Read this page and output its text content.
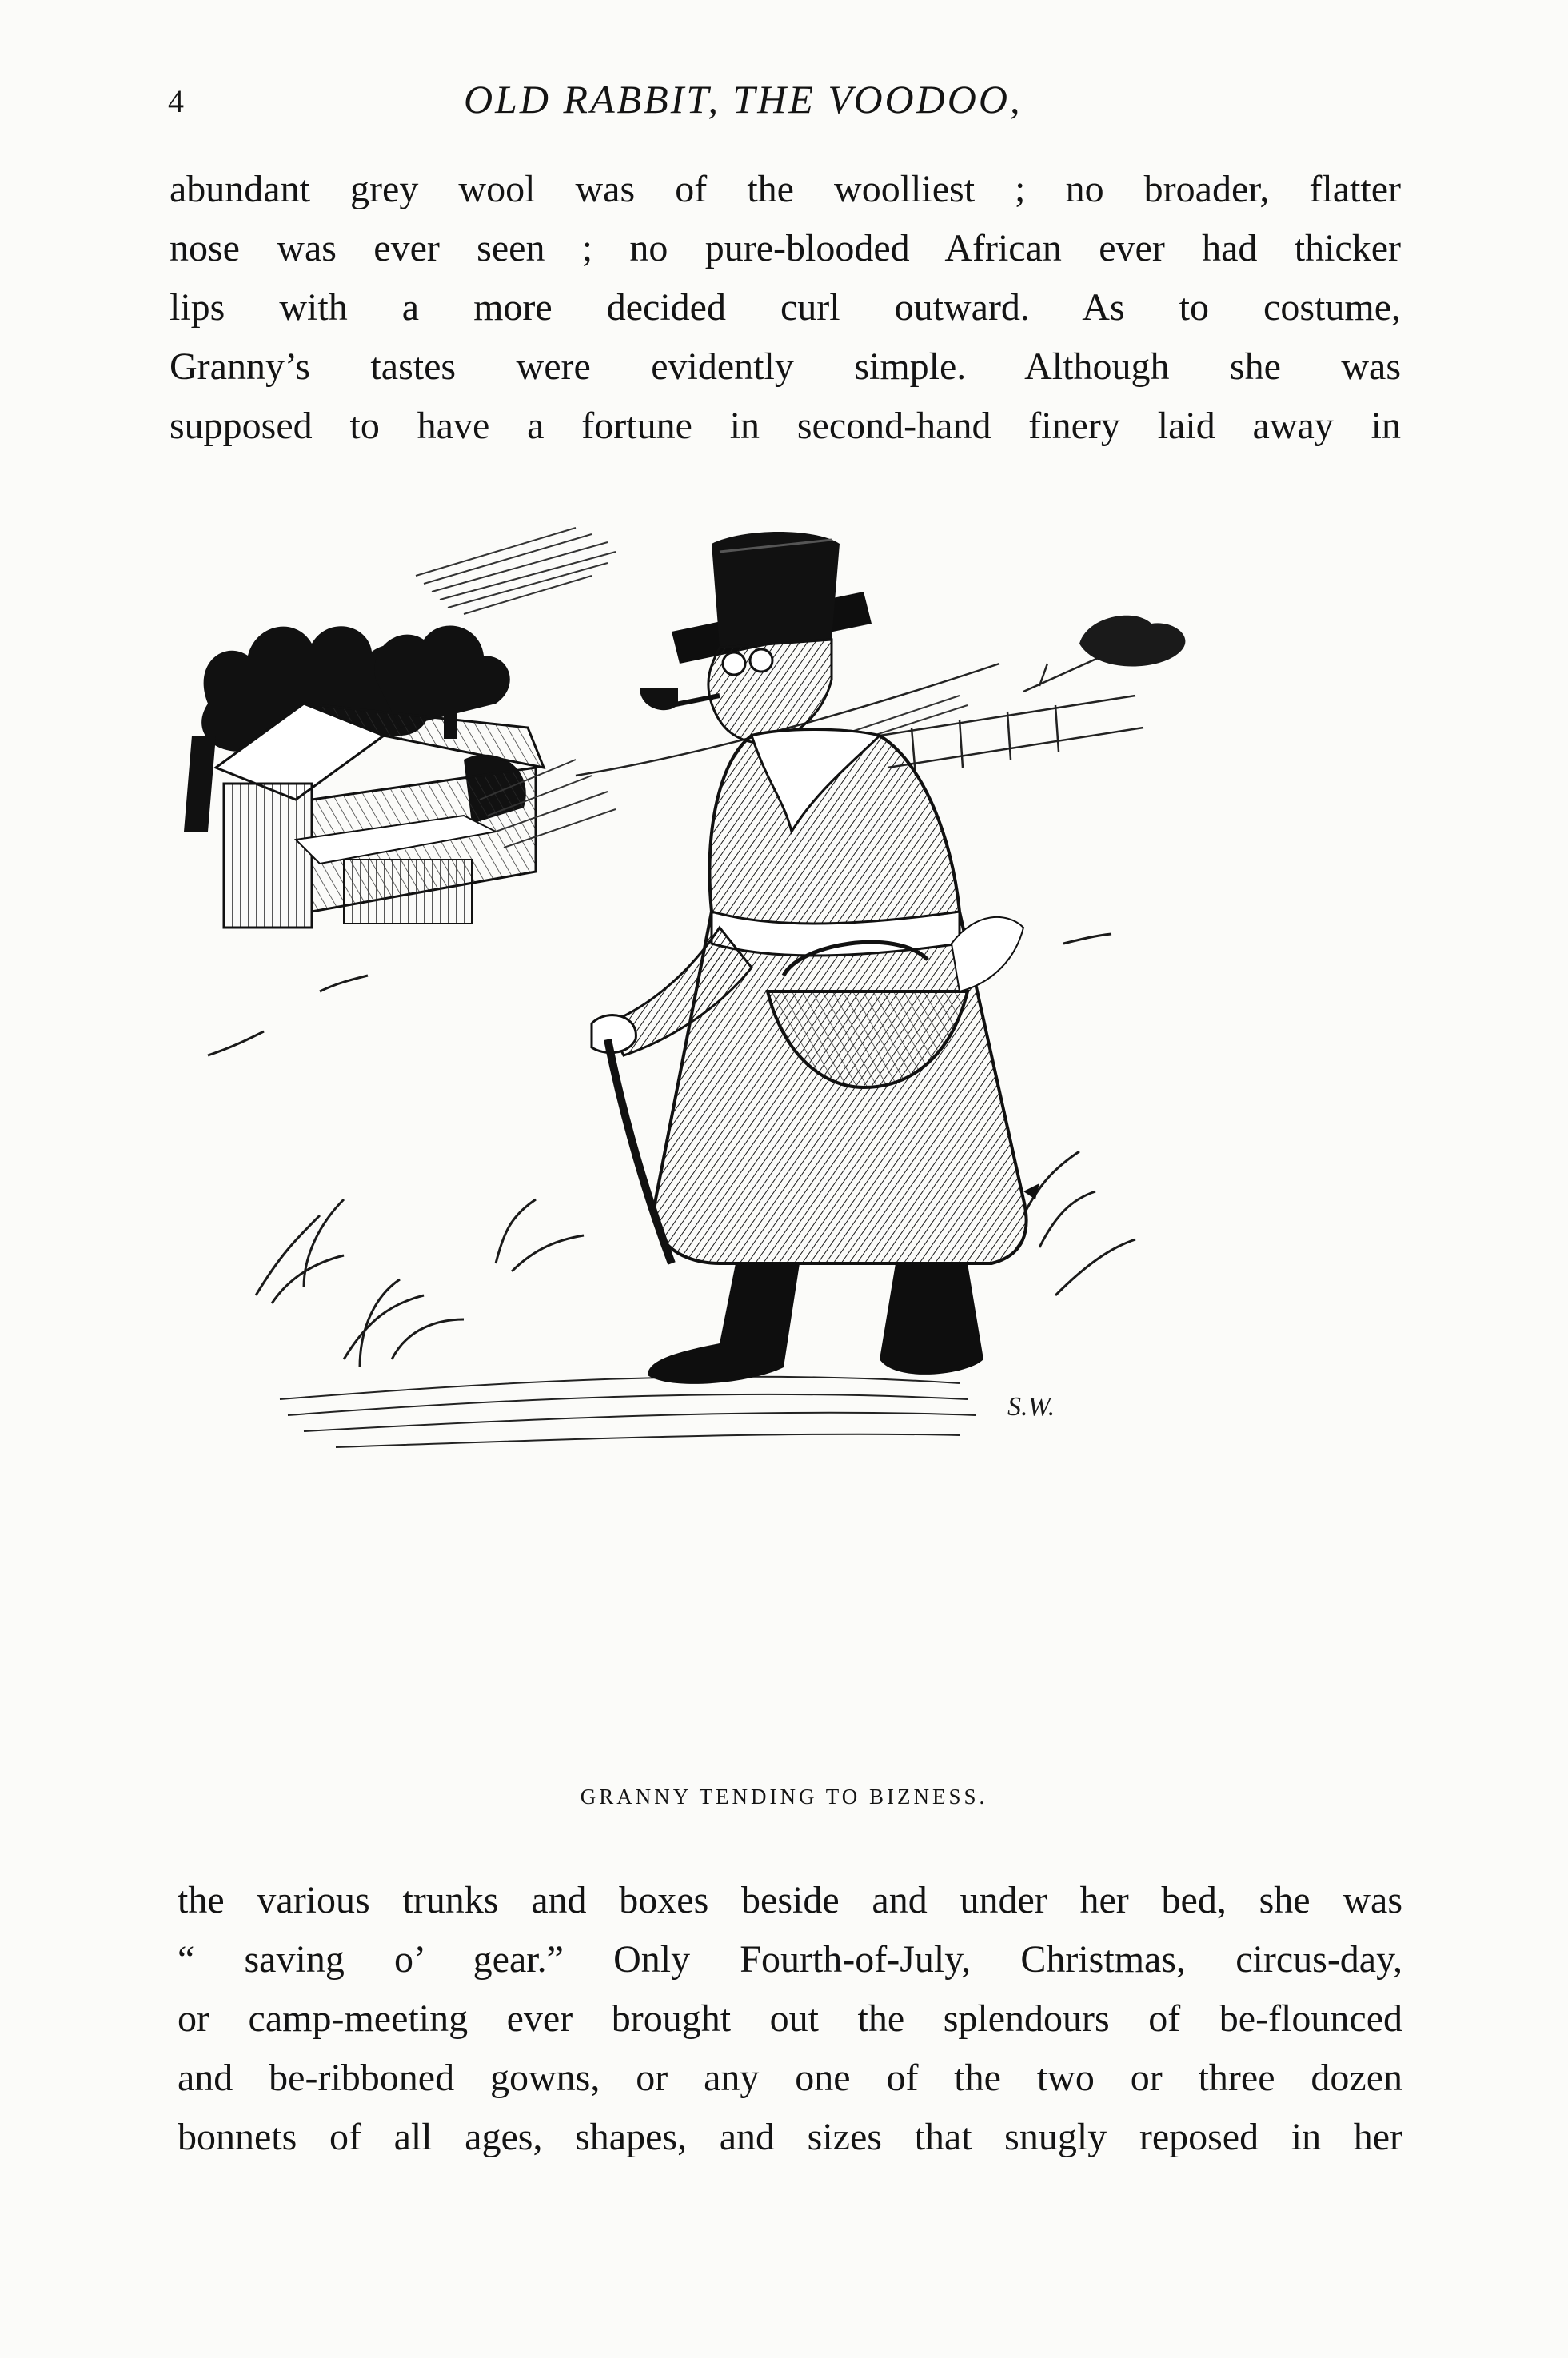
4	OLD RABBIT, THE VOODOO,
abundant grey wool was of the woolliest ; no broader, flatter
nose was ever seen ; no pure-blooded African ever had thicker
lips with a more decided curl outward. As to costume,
Granny’s tastes were evidently simple. Although she was
supposed to have a fortune in second-hand finery laid away in
S.W.
GRANNY TENDING TO BIZNESS.
the various trunks and boxes beside and under her bed, she was
“ saving o’ gear.” Only Fourth-of-July, Christmas, circus-day,
or camp-meeting ever brought out the splendours of be-flounced
and be-ribboned gowns, or any one of the two or three dozen
bonnets of all ages, shapes, and sizes that snugly reposed in her
